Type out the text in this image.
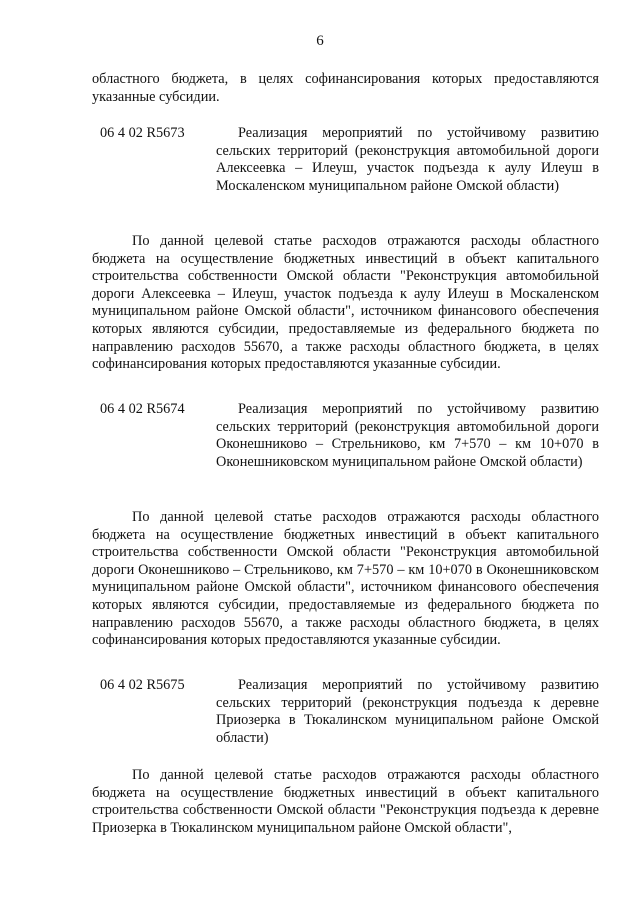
6
областного бюджета, в целях софинансирования которых предоставляются указанные субсидии.
06 4 02 R5673	Реализация мероприятий по устойчивому развитию сельских территорий (реконструкция автомобильной дороги Алексеевка – Илеуш, участок подъезда к аулу Илеуш в Москаленском муниципальном районе Омской области)
По данной целевой статье расходов отражаются расходы областного бюджета на осуществление бюджетных инвестиций в объект капитального строительства собственности Омской области "Реконструкция автомобильной дороги Алексеевка – Илеуш, участок подъезда к аулу Илеуш в Москаленском муниципальном районе Омской области", источником финансового обеспечения которых являются субсидии, предоставляемые из федерального бюджета по направлению расходов 55670, а также расходы областного бюджета, в целях софинансирования которых предоставляются указанные субсидии.
06 4 02 R5674	Реализация мероприятий по устойчивому развитию сельских территорий (реконструкция автомобильной дороги Оконешниково – Стрельниково, км 7+570 – км 10+070 в Оконешниковском муниципальном районе Омской области)
По данной целевой статье расходов отражаются расходы областного бюджета на осуществление бюджетных инвестиций в объект капитального строительства собственности Омской области "Реконструкция автомобильной дороги Оконешниково – Стрельниково, км 7+570 – км 10+070 в Оконешниковском муниципальном районе Омской области", источником финансового обеспечения которых являются субсидии, предоставляемые из федерального бюджета по направлению расходов 55670, а также расходы областного бюджета, в целях софинансирования которых предоставляются указанные субсидии.
06 4 02 R5675	Реализация мероприятий по устойчивому развитию сельских территорий (реконструкция подъезда к деревне Приозерка в Тюкалинском муниципальном районе Омской области)
По данной целевой статье расходов отражаются расходы областного бюджета на осуществление бюджетных инвестиций в объект капитального строительства собственности Омской области "Реконструкция подъезда к деревне Приозерка в Тюкалинском муниципальном районе Омской области",
